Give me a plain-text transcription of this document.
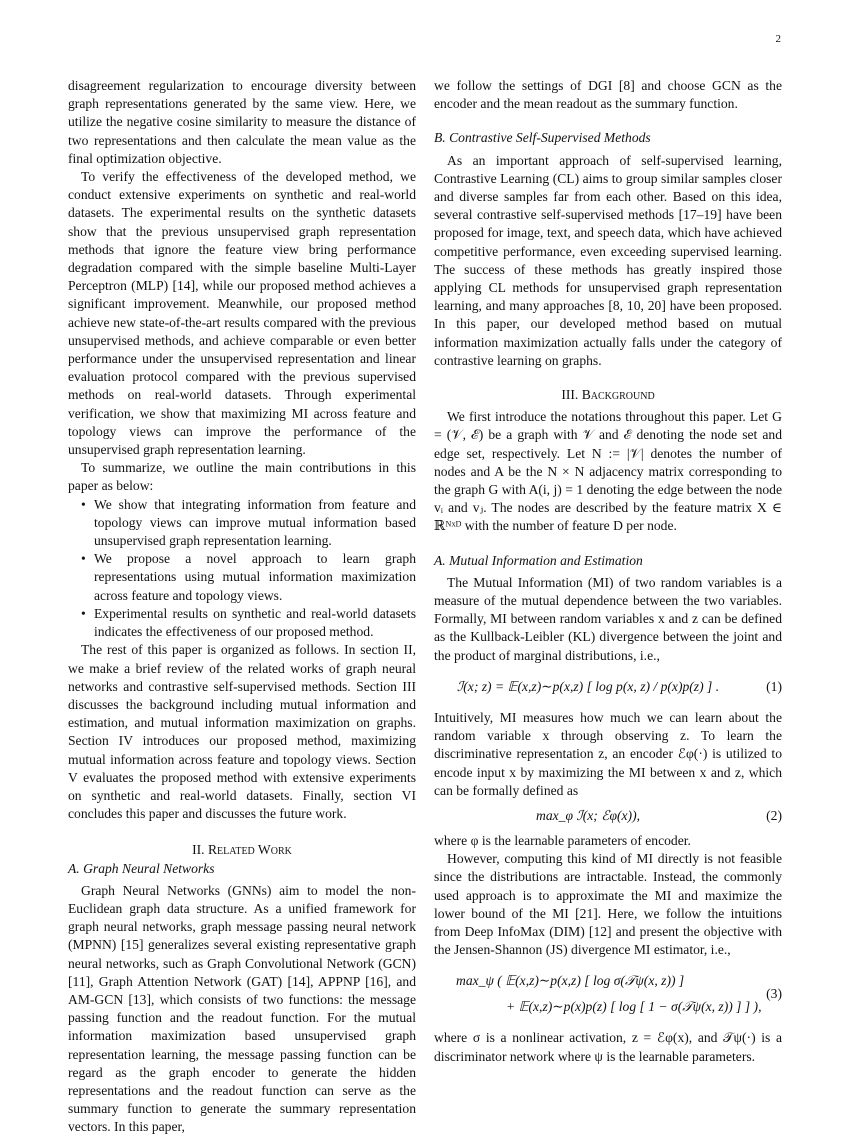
2

disagreement regularization to encourage diversity between graph representations generated by the same view. Here, we utilize the negative cosine similarity to measure the distance of two representations and then calculate the mean value as the final optimization objective.

To verify the effectiveness of the developed method, we conduct extensive experiments on synthetic and real-world datasets. The experimental results on the synthetic datasets show that the previous unsupervised graph representation methods that ignore the feature view bring performance degradation compared with the simple baseline Multi-Layer Perceptron (MLP) [14], while our proposed method achieves a significant improvement. Meanwhile, our proposed method achieve new state-of-the-art results compared with the previous unsupervised methods, and achieve comparable or even better performance under the unsupervised representation and linear evaluation protocol compared with the previous supervised methods on real-world datasets. Through experimental verification, we show that maximizing MI across feature and topology views can improve the performance of the unsupervised graph representation learning.

To summarize, we outline the main contributions in this paper as below:

• We show that integrating information from feature and topology views can improve mutual information based unsupervised graph representation learning.
• We propose a novel approach to learn graph representations using mutual information maximization across feature and topology views.
• Experimental results on synthetic and real-world datasets indicates the effectiveness of our proposed method.

The rest of this paper is organized as follows. In section II, we make a brief review of the related works of graph neural networks and contrastive self-supervised methods. Section III discusses the background including mutual information and estimation, and mutual information maximization on graphs. Section IV introduces our proposed method, maximizing mutual information across feature and topology views. Section V evaluates the proposed method with extensive experiments on synthetic and real-world datasets. Finally, section VI concludes this paper and discusses the future work.

II. Related Work

A. Graph Neural Networks

Graph Neural Networks (GNNs) aim to model the non-Euclidean graph data structure. As a unified framework for graph neural networks, graph message passing neural network (MPNN) [15] generalizes several existing representative graph neural networks, such as Graph Convolutional Network (GCN) [11], Graph Attention Network (GAT) [14], APPNP [16], and AM-GCN [13], which consists of two functions: the message passing function and the readout function. For the mutual information maximization based unsupervised graph representation learning, the message passing function can be regard as the graph encoder to generate the hidden representations and the readout function can serve as the summary function to generate the summary representation vectors. In this paper,

we follow the settings of DGI [8] and choose GCN as the encoder and the mean readout as the summary function.

B. Contrastive Self-Supervised Methods

As an important approach of self-supervised learning, Contrastive Learning (CL) aims to group similar samples closer and diverse samples far from each other. Based on this idea, several contrastive self-supervised methods [17–19] have been proposed for image, text, and speech data, which have achieved competitive performance, even exceeding supervised learning. The success of these methods has greatly inspired those applying CL methods for unsupervised graph representation learning, and many approaches [8, 10, 20] have been proposed. In this paper, our developed method based on mutual information maximization actually falls under the category of contrastive learning on graphs.

III. Background

We first introduce the notations throughout this paper. Let G = (𝒱, ℰ) be a graph with 𝒱 and ℰ denoting the node set and edge set, respectively. Let N := |𝒱| denotes the number of nodes and A be the N × N adjacency matrix corresponding to the graph G with A(i, j) = 1 denoting the edge between the node vᵢ and vⱼ. The nodes are described by the feature matrix X ∈ ℝᴺˣᴰ with the number of feature D per node.

A. Mutual Information and Estimation

The Mutual Information (MI) of two random variables is a measure of the mutual dependence between the two variables. Formally, MI between random variables x and z can be defined as the Kullback-Leibler (KL) divergence between the joint and the product of marginal distributions, i.e.,

ℐ(x; z) = 𝔼(x,z)∼p(x,z) [ log p(x, z) / p(x)p(z) ] .	(1)

Intuitively, MI measures how much we can learn about the random variable x through observing z. To learn the discriminative representation z, an encoder ℰφ(·) is utilized to encode input x by maximizing the MI between x and z, which can be formally defined as

max_φ ℐ(x; ℰφ(x)),	(2)

where φ is the learnable parameters of encoder.

However, computing this kind of MI directly is not feasible since the distributions are intractable. Instead, the commonly used approach is to approximate the MI and maximize the lower bound of the MI [21]. Here, we follow the intuitions from Deep InfoMax (DIM) [12] and present the objective with the Jensen-Shannon (JS) divergence MI estimator, i.e.,

max_ψ ( 𝔼(x,z)∼p(x,z) [ log σ(𝒯ψ(x, z)) ]
+ 𝔼(x,z)∼p(x)p(z) [ log [ 1 − σ(𝒯ψ(x, z)) ] ] ),
(3)

where σ is a nonlinear activation, z = ℰφ(x), and 𝒯ψ(·) is a discriminator network where ψ is the learnable parameters.
